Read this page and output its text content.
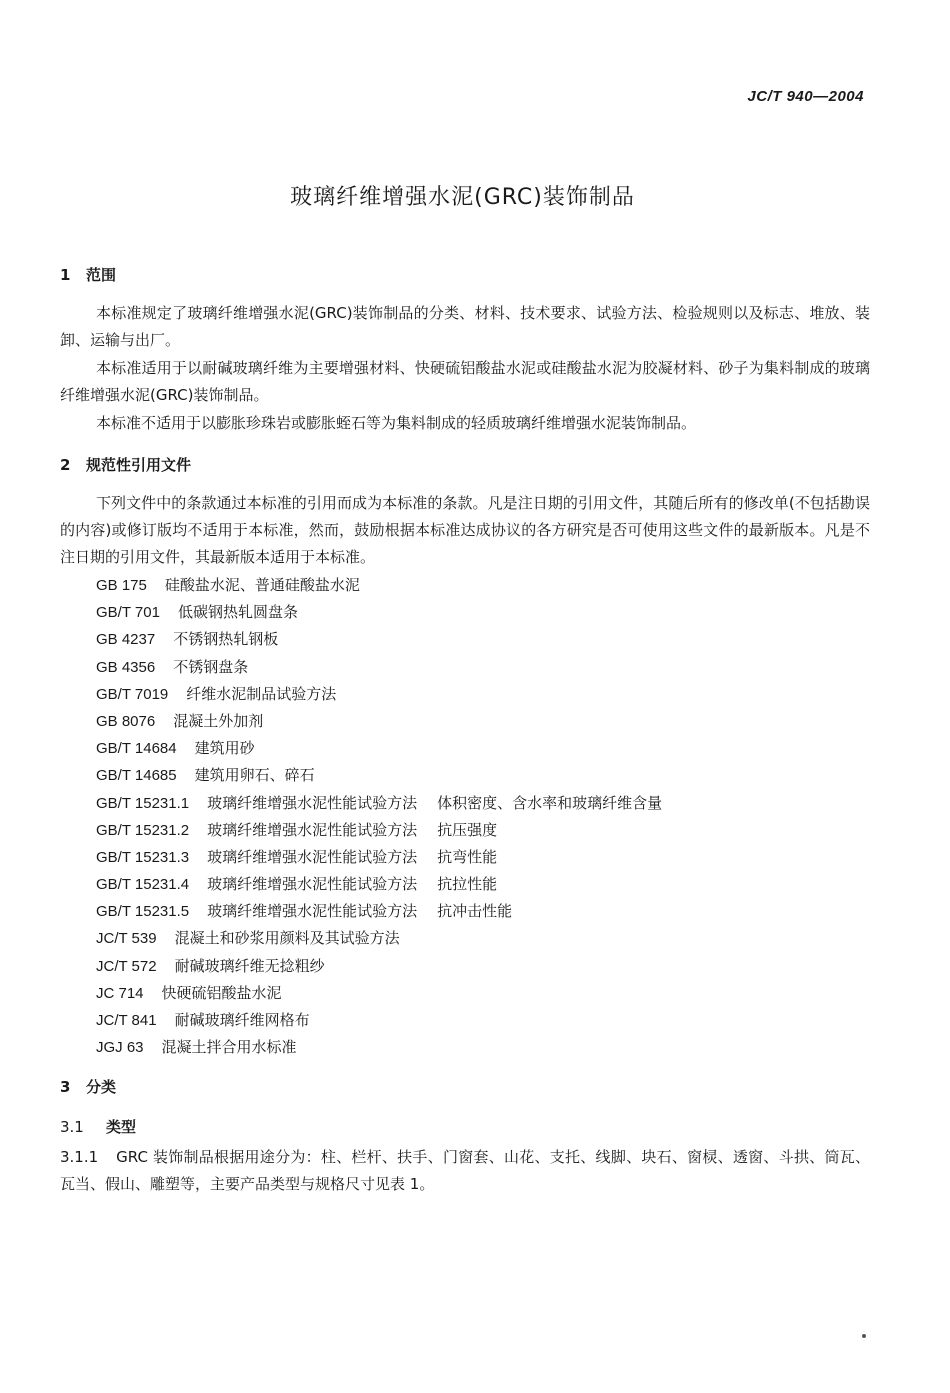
JC/T 940—2004
玻璃纤维增强水泥(GRC)装饰制品
1 范围
本标准规定了玻璃纤维增强水泥(GRC)装饰制品的分类、材料、技术要求、试验方法、检验规则以及标志、堆放、装卸、运输与出厂。
本标准适用于以耐碱玻璃纤维为主要增强材料、快硬硫铝酸盐水泥或硅酸盐水泥为胶凝材料、砂子为集料制成的玻璃纤维增强水泥(GRC)装饰制品。
本标准不适用于以膨胀珍珠岩或膨胀蛭石等为集料制成的轻质玻璃纤维增强水泥装饰制品。
2 规范性引用文件
下列文件中的条款通过本标准的引用而成为本标准的条款。凡是注日期的引用文件，其随后所有的修改单(不包括勘误的内容)或修订版均不适用于本标准，然而，鼓励根据本标准达成协议的各方研究是否可使用这些文件的最新版本。凡是不注日期的引用文件，其最新版本适用于本标准。
GB 175 硅酸盐水泥、普通硅酸盐水泥
GB/T 701 低碳钢热轧圆盘条
GB 4237 不锈钢热轧钢板
GB 4356 不锈钢盘条
GB/T 7019 纤维水泥制品试验方法
GB 8076 混凝土外加剂
GB/T 14684 建筑用砂
GB/T 14685 建筑用卵石、碎石
GB/T 15231.1 玻璃纤维增强水泥性能试验方法 体积密度、含水率和玻璃纤维含量
GB/T 15231.2 玻璃纤维增强水泥性能试验方法 抗压强度
GB/T 15231.3 玻璃纤维增强水泥性能试验方法 抗弯性能
GB/T 15231.4 玻璃纤维增强水泥性能试验方法 抗拉性能
GB/T 15231.5 玻璃纤维增强水泥性能试验方法 抗冲击性能
JC/T 539 混凝土和砂浆用颜料及其试验方法
JC/T 572 耐碱玻璃纤维无捻粗纱
JC 714 快硬硫铝酸盐水泥
JC/T 841 耐碱玻璃纤维网格布
JGJ 63 混凝土拌合用水标准
3 分类
3.1 类型
3.1.1 GRC 装饰制品根据用途分为：柱、栏杆、扶手、门窗套、山花、支托、线脚、块石、窗棂、透窗、斗拱、筒瓦、瓦当、假山、雕塑等，主要产品类型与规格尺寸见表 1。
